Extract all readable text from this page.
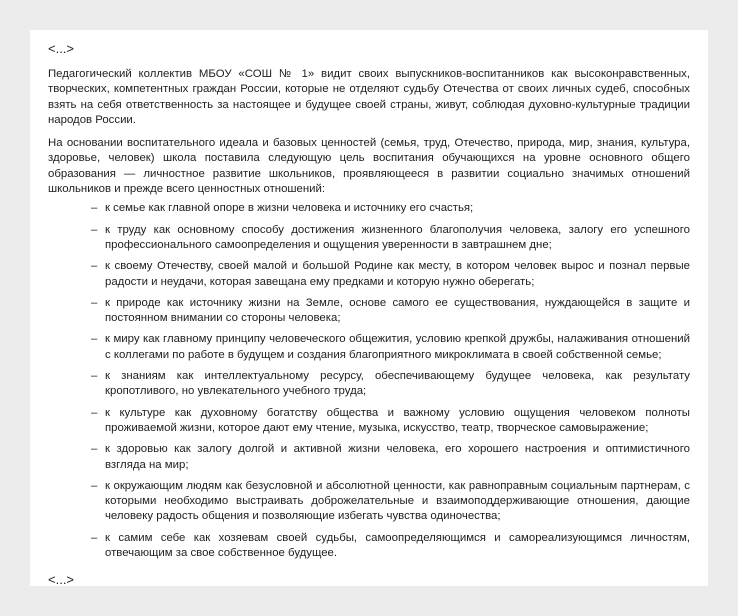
<...>

Педагогический коллектив МБОУ «СОШ № 1» видит своих выпускников-воспитанников как высоконравственных, творческих, компетентных граждан России, которые не отделяют судьбу Отечества от своих личных судеб, способных взять на себя ответственность за настоящее и будущее своей страны, живут, соблюдая духовно-культурные традиции народов России.

На основании воспитательного идеала и базовых ценностей (семья, труд, Отечество, природа, мир, знания, культура, здоровье, человек) школа поставила следующую цель воспитания обучающихся на уровне основного общего образования — личностное развитие школьников, проявляющееся в развитии социально значимых отношений школьников и прежде всего ценностных отношений:

– к семье как главной опоре в жизни человека и источнику его счастья;
– к труду как основному способу достижения жизненного благополучия человека, залогу его успешного профессионального самоопределения и ощущения уверенности в завтрашнем дне;
– к своему Отечеству, своей малой и большой Родине как месту, в котором человек вырос и познал первые радости и неудачи, которая завещана ему предками и которую нужно оберегать;
– к природе как источнику жизни на Земле, основе самого ее существования, нуждающейся в защите и постоянном внимании со стороны человека;
– к миру как главному принципу человеческого общежития, условию крепкой дружбы, налаживания отношений с коллегами по работе в будущем и создания благоприятного микроклимата в своей собственной семье;
– к знаниям как интеллектуальному ресурсу, обеспечивающему будущее человека, как результату кропотливого, но увлекательного учебного труда;
– к культуре как духовному богатству общества и важному условию ощущения человеком полноты проживаемой жизни, которое дают ему чтение, музыка, искусство, театр, творческое самовыражение;
– к здоровью как залогу долгой и активной жизни человека, его хорошего настроения и оптимистичного взгляда на мир;
– к окружающим людям как безусловной и абсолютной ценности, как равноправным социальным партнерам, с которыми необходимо выстраивать доброжелательные и взаимоподдерживающие отношения, дающие человеку радость общения и позволяющие избегать чувства одиночества;
– к самим себе как хозяевам своей судьбы, самоопределяющимся и самореализующимся личностям, отвечающим за свое собственное будущее.
<...>
